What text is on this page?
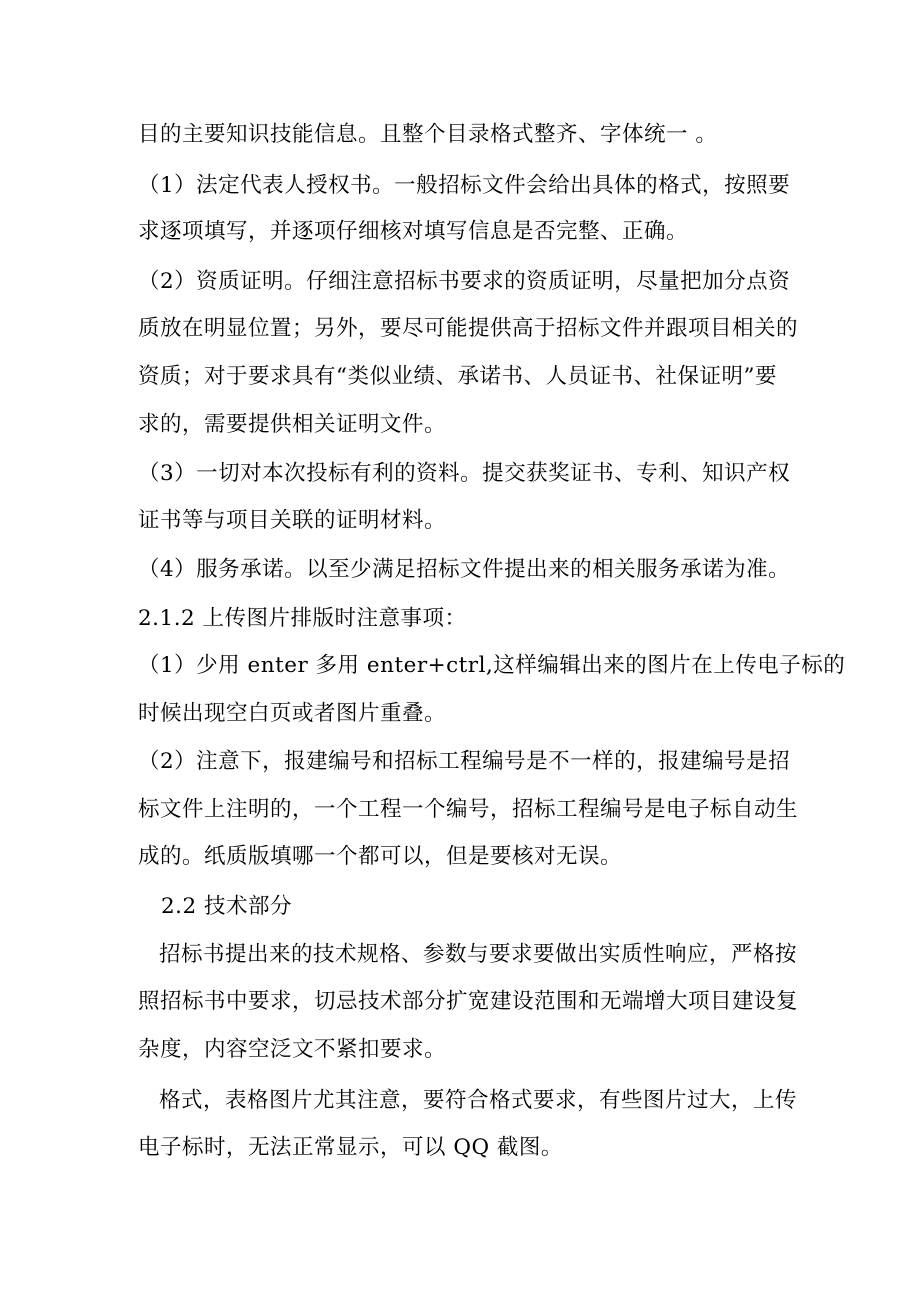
目的主要知识技能信息。且整个目录格式整齐、字体统一 。
（1）法定代表人授权书。一般招标文件会给出具体的格式，按照要
求逐项填写，并逐项仔细核对填写信息是否完整、正确。
（2）资质证明。仔细注意招标书要求的资质证明，尽量把加分点资
质放在明显位置；另外，要尽可能提供高于招标文件并跟项目相关的
资质；对于要求具有“类似业绩、承诺书、人员证书、社保证明”要
求的，需要提供相关证明文件。
（3）一切对本次投标有利的资料。提交获奖证书、专利、知识产权
证书等与项目关联的证明材料。
（4）服务承诺。以至少满足招标文件提出来的相关服务承诺为准。
2.1.2 上传图片排版时注意事项：
（1）少用 enter 多用 enter+ctrl,这样编辑出来的图片在上传电子标的
时候出现空白页或者图片重叠。
（2）注意下，报建编号和招标工程编号是不一样的，报建编号是招
标文件上注明的，一个工程一个编号，招标工程编号是电子标自动生
成的。纸质版填哪一个都可以，但是要核对无误。
2.2 技术部分
招标书提出来的技术规格、参数与要求要做出实质性响应，严格按
照招标书中要求，切忌技术部分扩宽建设范围和无端增大项目建设复
杂度，内容空泛文不紧扣要求。
格式，表格图片尤其注意，要符合格式要求，有些图片过大，上传
电子标时，无法正常显示，可以 QQ 截图。
